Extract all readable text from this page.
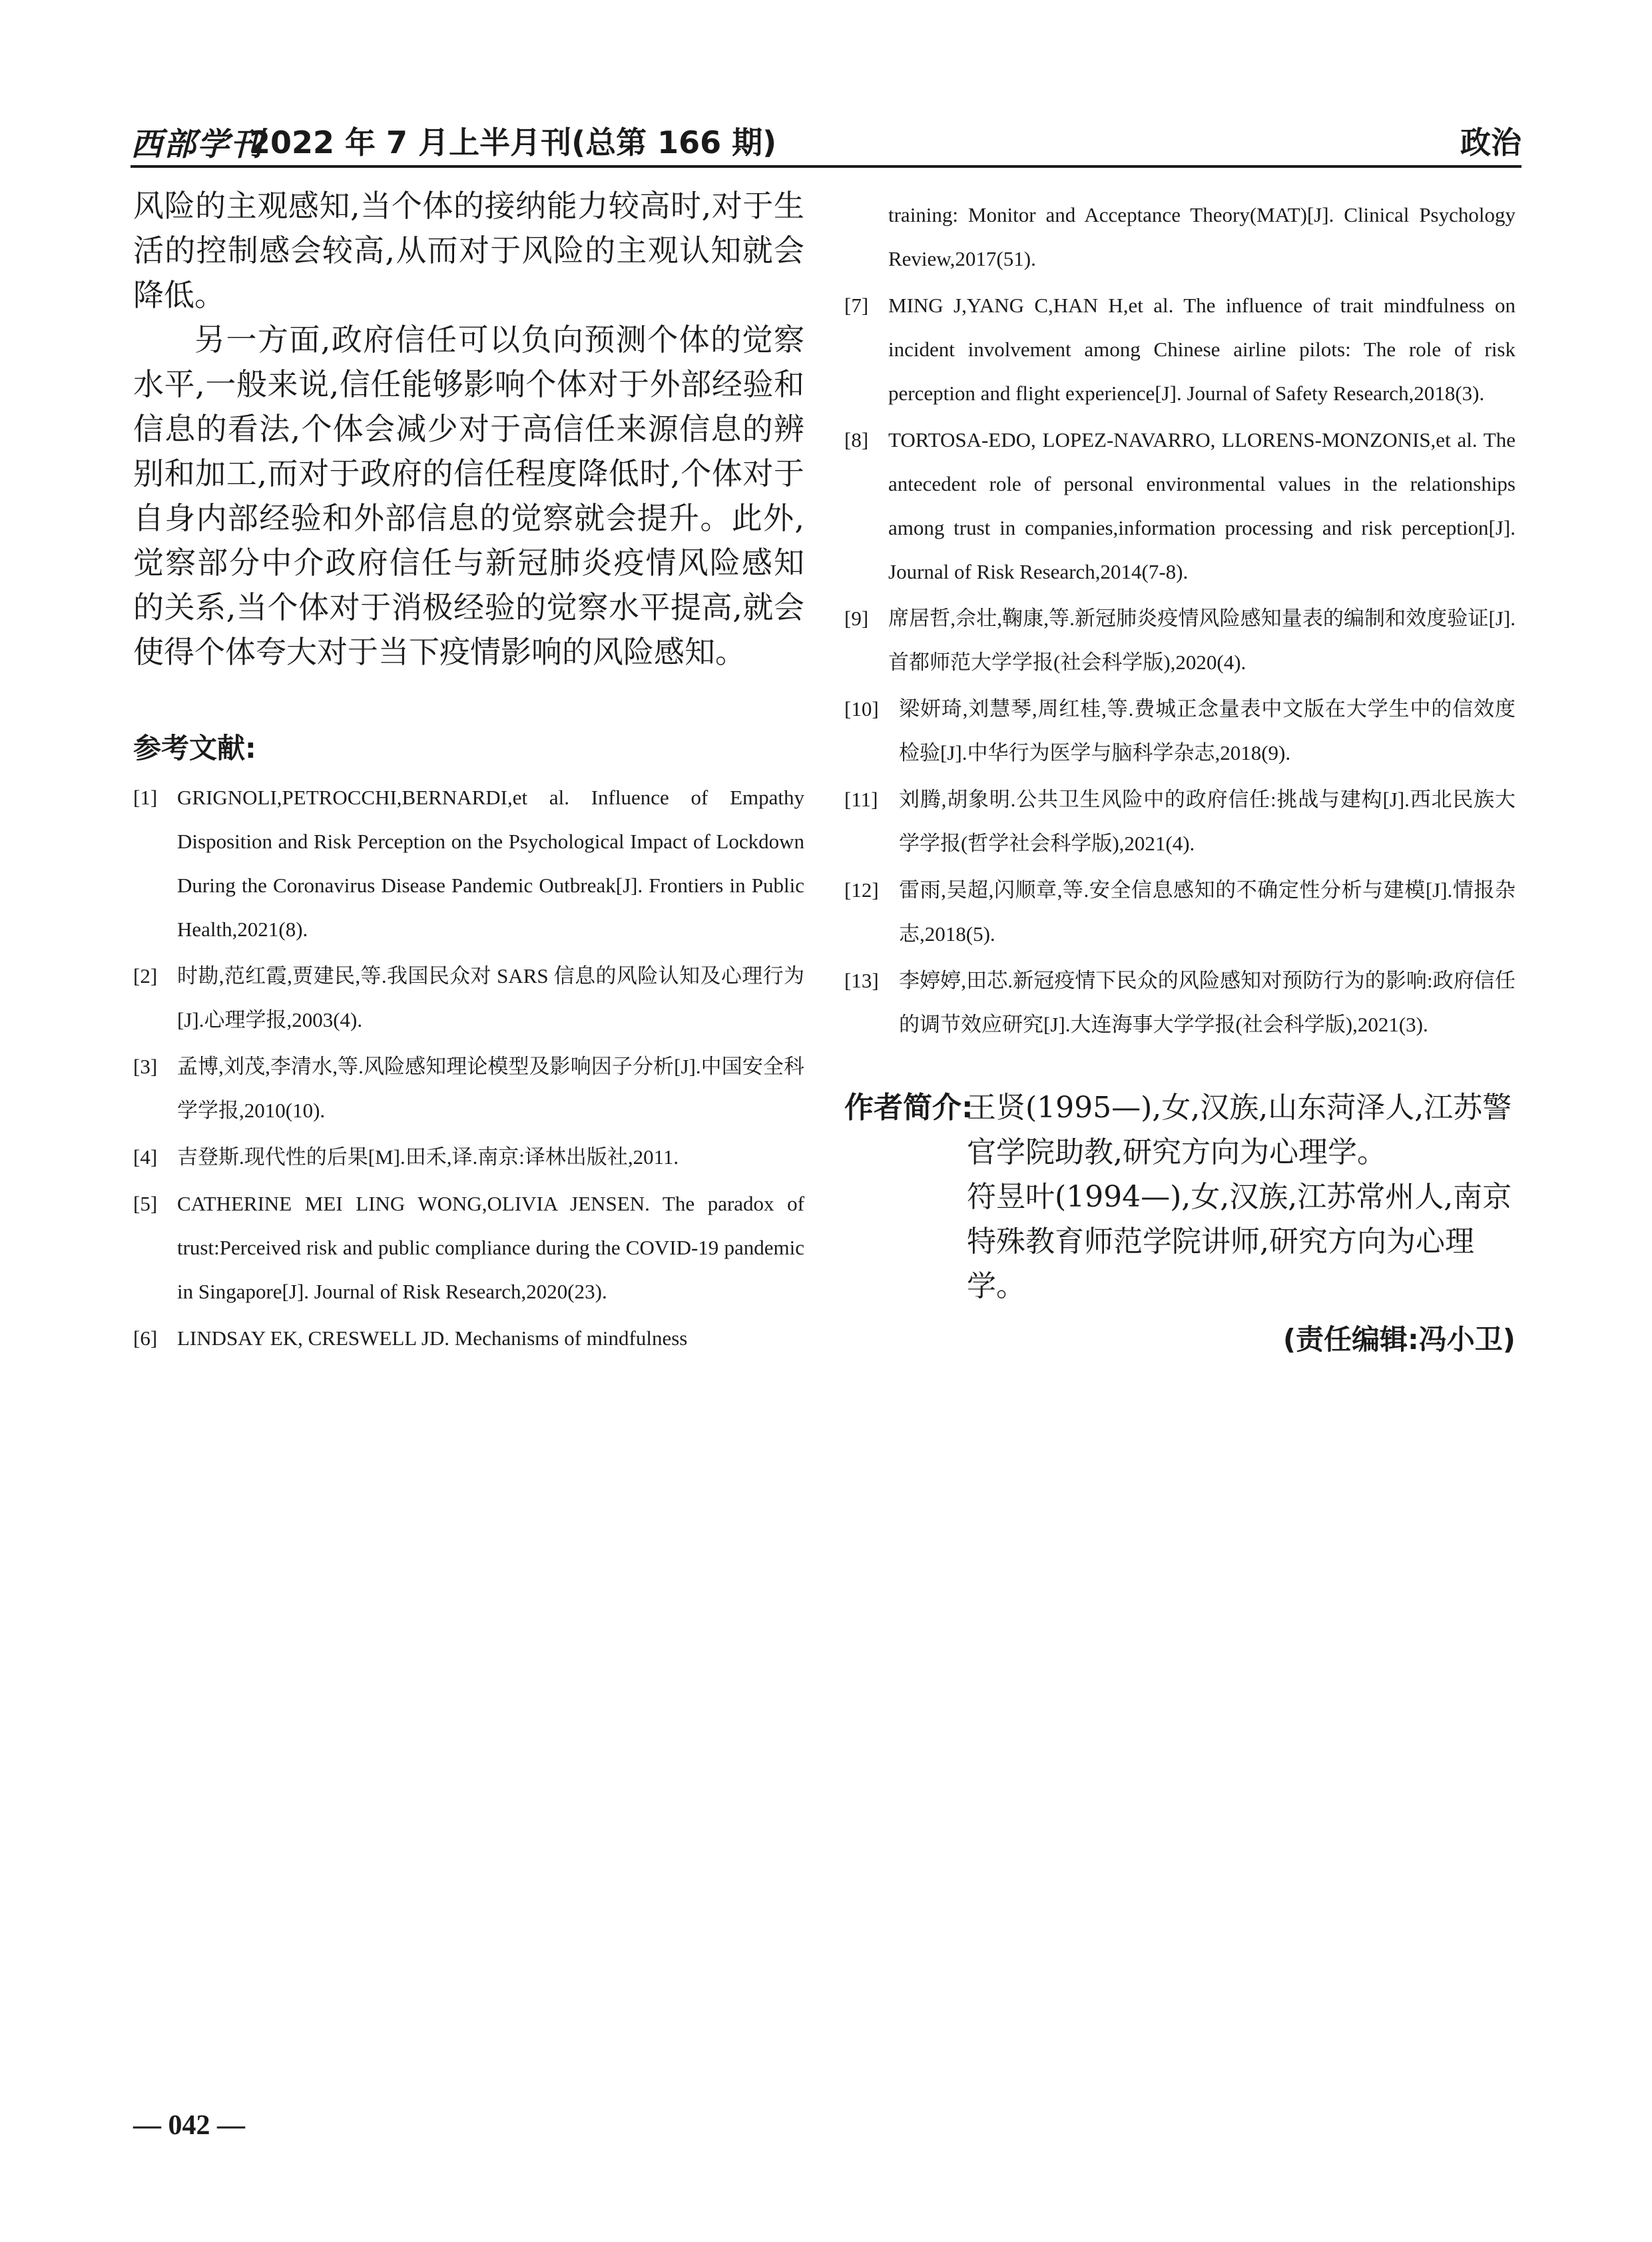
西部学刊
2022 年 7 月上半月刊(总第 166 期)	政治

风险的主观感知,当个体的接纳能力较高时,对于生活的控制感会较高,从而对于风险的主观认知就会降低。

另一方面,政府信任可以负向预测个体的觉察水平,一般来说,信任能够影响个体对于外部经验和信息的看法,个体会减少对于高信任来源信息的辨别和加工,而对于政府的信任程度降低时,个体对于自身内部经验和外部信息的觉察就会提升。此外,觉察部分中介政府信任与新冠肺炎疫情风险感知的关系,当个体对于消极经验的觉察水平提高,就会使得个体夸大对于当下疫情影响的风险感知。

参考文献:
[1] GRIGNOLI,PETROCCHI,BERNARDI,et al. Influence of Empathy Disposition and Risk Perception on the Psychological Impact of Lockdown During the Coronavirus Disease Pandemic Outbreak[J]. Frontiers in Public Health,2021(8).
[2] 时勘,范红霞,贾建民,等.我国民众对 SARS 信息的风险认知及心理行为[J].心理学报,2003(4).
[3] 孟博,刘茂,李清水,等.风险感知理论模型及影响因子分析[J].中国安全科学学报,2010(10).
[4] 吉登斯.现代性的后果[M].田禾,译.南京:译林出版社,2011.
[5] CATHERINE MEI LING WONG,OLIVIA JENSEN. The paradox of trust:Perceived risk and public compliance during the COVID-19 pandemic in Singapore[J]. Journal of Risk Research,2020(23).
[6] LINDSAY EK, CRESWELL JD. Mechanisms of mindfulness
training: Monitor and Acceptance Theory(MAT)[J]. Clinical Psychology Review,2017(51).
[7] MING J,YANG C,HAN H,et al. The influence of trait mindfulness on incident involvement among Chinese airline pilots: The role of risk perception and flight experience[J]. Journal of Safety Research,2018(3).
[8] TORTOSA-EDO, LOPEZ-NAVARRO, LLORENS-MONZONIS,et al. The antecedent role of personal environmental values in the relationships among trust in companies,information processing and risk perception[J]. Journal of Risk Research,2014(7-8).
[9] 席居哲,佘壮,鞠康,等.新冠肺炎疫情风险感知量表的编制和效度验证[J].首都师范大学学报(社会科学版),2020(4).
[10] 梁妍琦,刘慧琴,周红桂,等.费城正念量表中文版在大学生中的信效度检验[J].中华行为医学与脑科学杂志,2018(9).
[11] 刘腾,胡象明.公共卫生风险中的政府信任:挑战与建构[J].西北民族大学学报(哲学社会科学版),2021(4).
[12] 雷雨,吴超,闪顺章,等.安全信息感知的不确定性分析与建模[J].情报杂志,2018(5).
[13] 李婷婷,田芯.新冠疫情下民众的风险感知对预防行为的影响:政府信任的调节效应研究[J].大连海事大学学报(社会科学版),2021(3).
作者简介:
王贤(1995—),女,汉族,山东菏泽人,江苏警官学院助教,研究方向为心理学。
符昱叶(1994—),女,汉族,江苏常州人,南京特殊教育师范学院讲师,研究方向为心理学。
(责任编辑:冯小卫)
— 042 —
